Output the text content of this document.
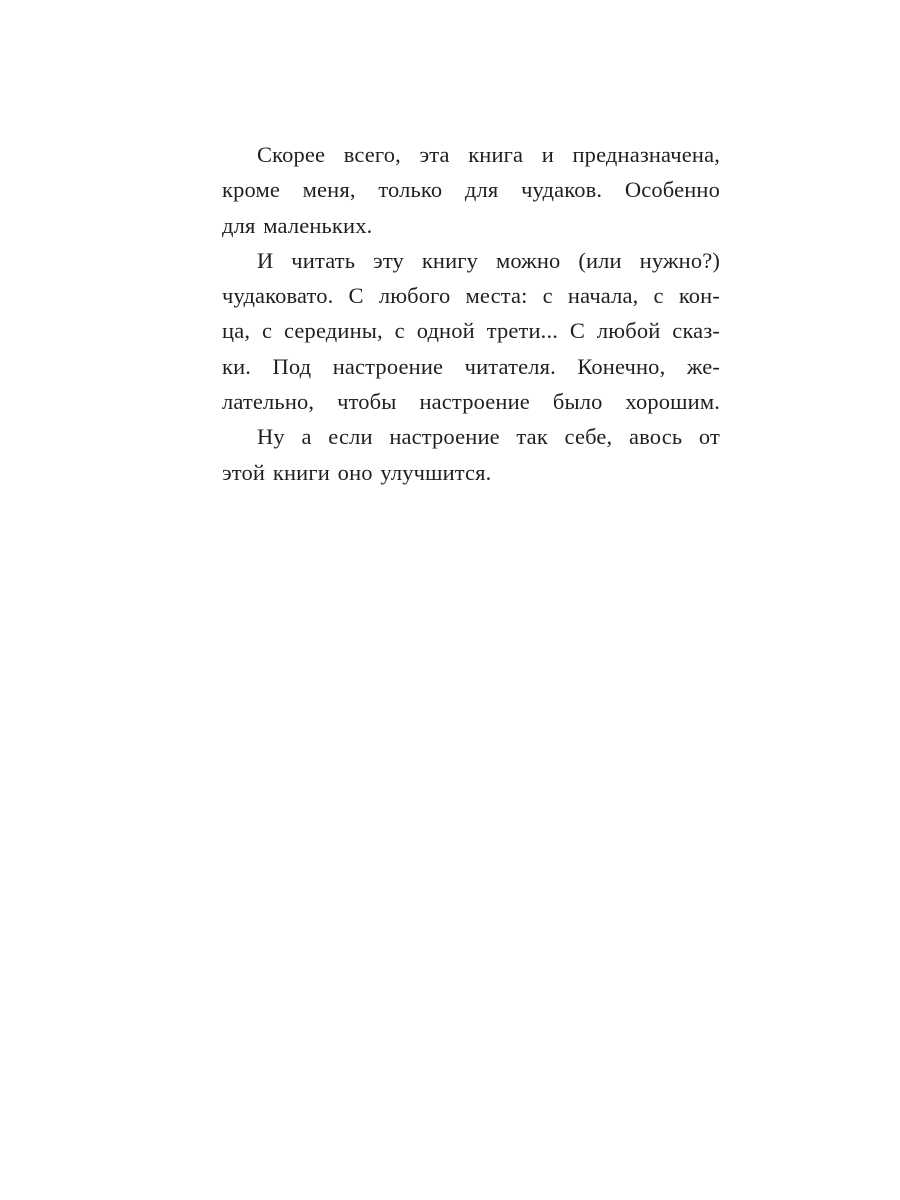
Скорее всего, эта книга и предназначена,
кроме меня, только для чудаков. Особенно
для маленьких.

И читать эту книгу можно (или нужно?)
чудаковато. С любого места: с начала, с кон-
ца, с середины, с одной трети... С любой сказ-
ки. Под настроение читателя. Конечно, же-
лательно, чтобы настроение было хорошим.

Ну а если настроение так себе, авось от
этой книги оно улучшится.
